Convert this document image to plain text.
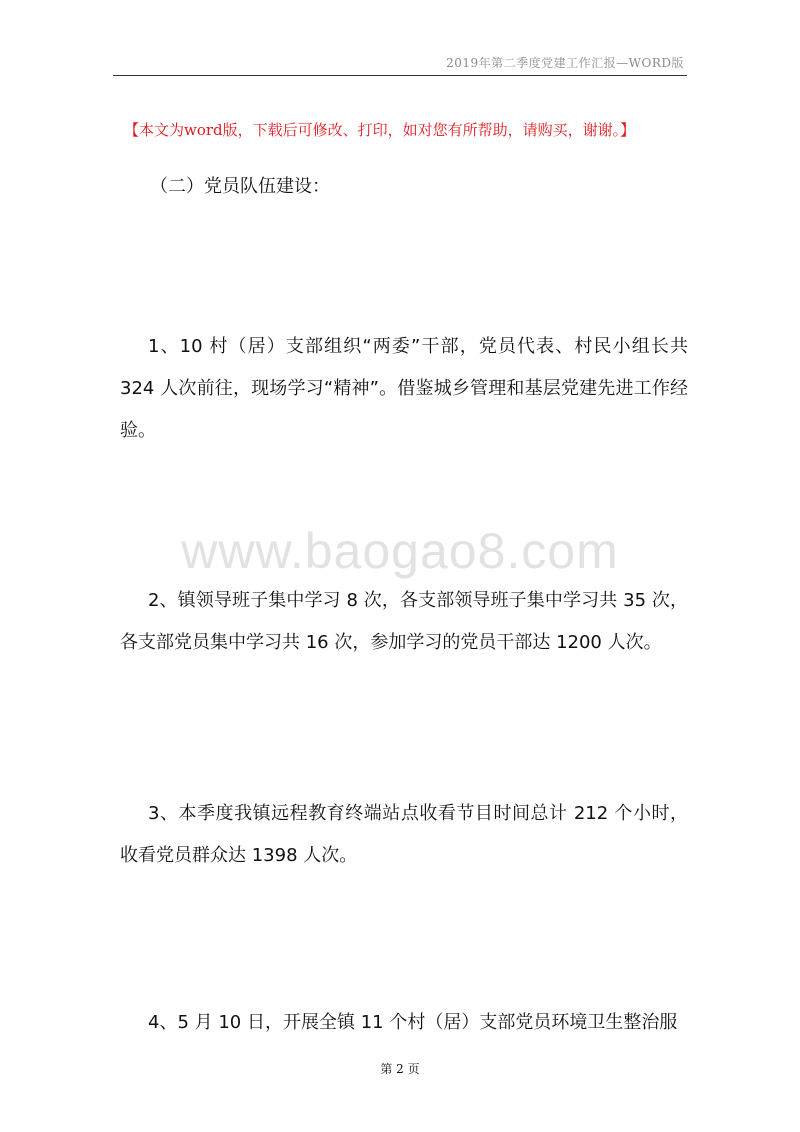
2019年第二季度党建工作汇报—WORD版
【本文为word版，下载后可修改、打印，如对您有所帮助，请购买，谢谢。】
（二）党员队伍建设：
1、10 村（居）支部组织“两委”干部，党员代表、村民小组长共 324 人次前往，现场学习“精神”。借鉴城乡管理和基层党建先进工作经验。
www.baogao8.com
2、镇领导班子集中学习 8 次，各支部领导班子集中学习共 35 次，各支部党员集中学习共 16 次，参加学习的党员干部达 1200 人次。
3、本季度我镇远程教育终端站点收看节目时间总计 212 个小时，收看党员群众达 1398 人次。
4、5 月 10 日，开展全镇 11 个村（居）支部党员环境卫生整治服
第 2 页
